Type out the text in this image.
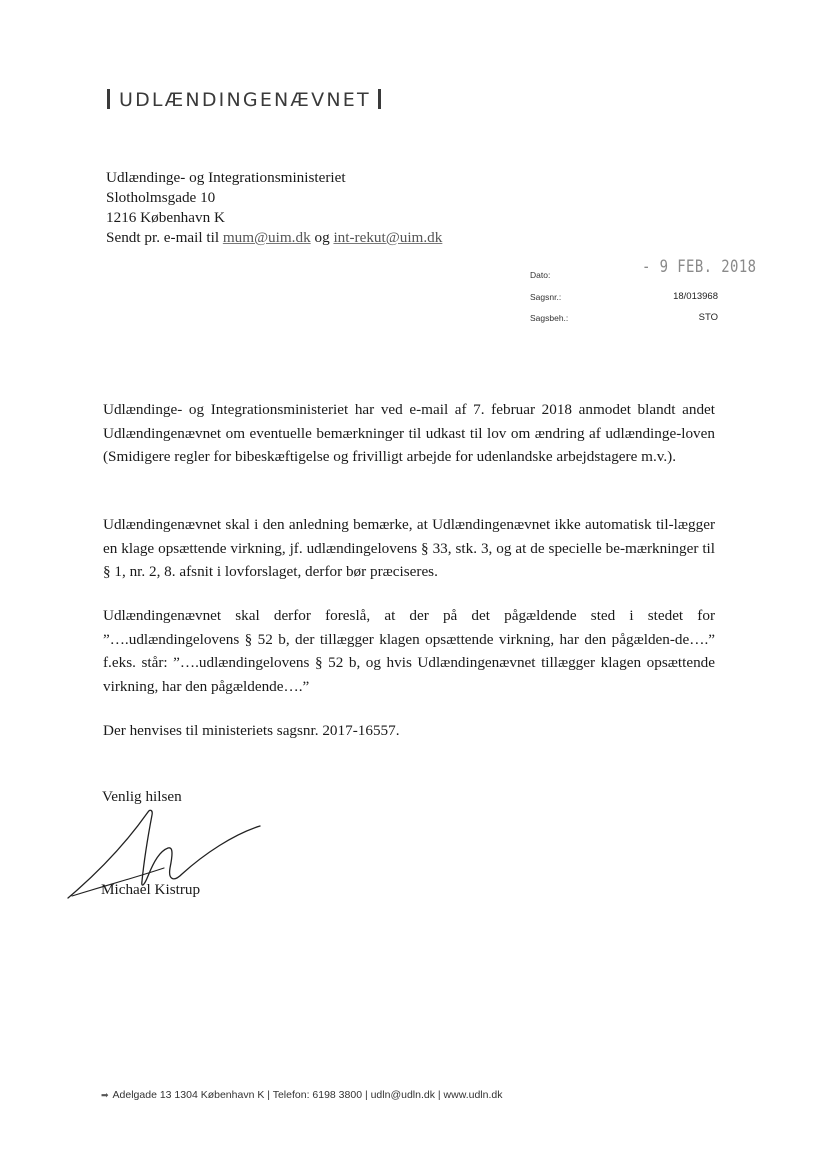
UDLÆNDINGENÆVNET
Udlændinge- og Integrationsministeriet
Slotholmsgade 10
1216 København K
Sendt pr. e-mail til mum@uim.dk og int-rekut@uim.dk
Dato:	- 9 FEB. 2018
Sagsnr.:	18/013968
Sagsbeh.:	STO
Udlændinge- og Integrationsministeriet har ved e-mail af 7. februar 2018 anmodet blandt andet Udlændingenævnet om eventuelle bemærkninger til udkast til lov om ændring af udlændinge-loven (Smidigere regler for bibeskæftigelse og frivilligt arbejde for udenlandske arbejdstagere m.v.).
Udlændingenævnet skal i den anledning bemærke, at Udlændingenævnet ikke automatisk til-lægger en klage opsættende virkning, jf. udlændingelovens § 33, stk. 3, og at de specielle be-mærkninger til § 1, nr. 2, 8. afsnit i lovforslaget, derfor bør præciseres.
Udlændingenævnet skal derfor foreslå, at der på det pågældende sted i stedet for ”….udlændingelovens § 52 b, der tillægger klagen opsættende virkning, har den pågælden-de….” f.eks. står: ”….udlændingelovens § 52 b, og hvis Udlændingenævnet tillægger klagen opsættende virkning, har den pågældende….”
Der henvises til ministeriets sagsnr. 2017-16557.
Venlig hilsen
Michael Kistrup
➡ Adelgade 13 1304 København K | Telefon: 6198 3800 | udln@udln.dk | www.udln.dk
